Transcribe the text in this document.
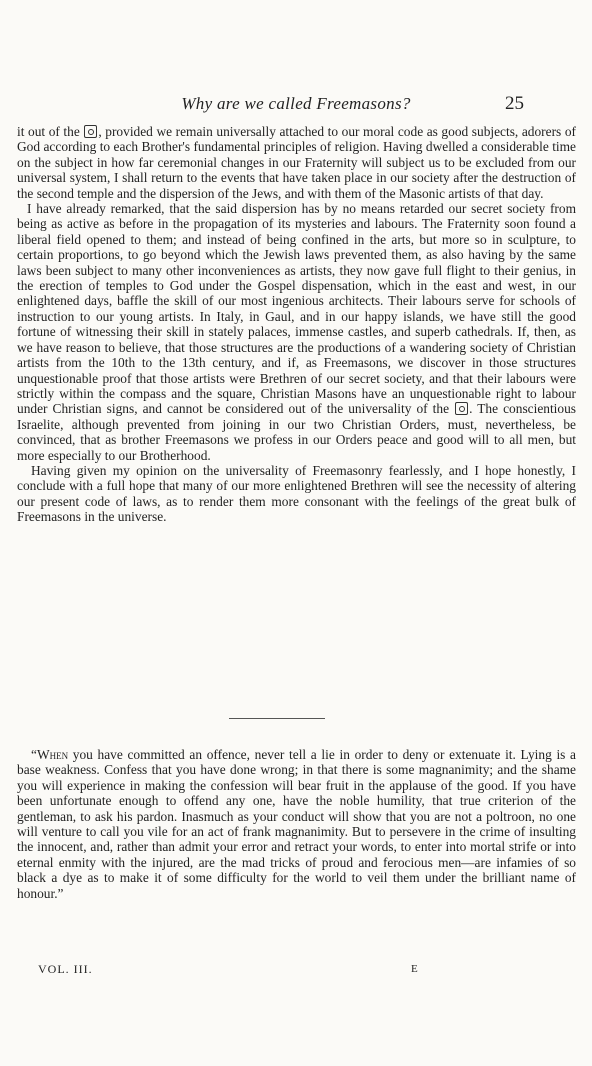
Why are we called Freemasons?	25

it out of the , provided we remain universally attached to our moral code as good subjects, adorers of God according to each Brother's fundamental principles of religion. Having dwelled a considerable time on the subject in how far ceremonial changes in our Fraternity will subject us to be excluded from our universal system, I shall return to the events that have taken place in our society after the destruction of the second temple and the dispersion of the Jews, and with them of the Masonic artists of that day.

I have already remarked, that the said dispersion has by no means retarded our secret society from being as active as before in the propagation of its mysteries and labours. The Fraternity soon found a liberal field opened to them; and instead of being confined in the arts, but more so in sculpture, to certain proportions, to go beyond which the Jewish laws prevented them, as also having by the same laws been subject to many other inconveniences as artists, they now gave full flight to their genius, in the erection of temples to God under the Gospel dispensation, which in the east and west, in our enlightened days, baffle the skill of our most ingenious architects. Their labours serve for schools of instruction to our young artists. In Italy, in Gaul, and in our happy islands, we have still the good fortune of witnessing their skill in stately palaces, immense castles, and superb cathedrals. If, then, as we have reason to believe, that those structures are the productions of a wandering society of Christian artists from the 10th to the 13th century, and if, as Freemasons, we discover in those structures unquestionable proof that those artists were Brethren of our secret society, and that their labours were strictly within the compass and the square, Christian Masons have an unquestionable right to labour under Christian signs, and cannot be considered out of the universality of the . The conscientious Israelite, although prevented from joining in our two Christian Orders, must, nevertheless, be convinced, that as brother Freemasons we profess in our Orders peace and good will to all men, but more especially to our Brotherhood.

Having given my opinion on the universality of Freemasonry fearlessly, and I hope honestly, I conclude with a full hope that many of our more enlightened Brethren will see the necessity of altering our present code of laws, as to render them more consonant with the feelings of the great bulk of Freemasons in the universe.

“When you have committed an offence, never tell a lie in order to deny or extenuate it. Lying is a base weakness. Confess that you have done wrong; in that there is some magnanimity; and the shame you will experience in making the confession will bear fruit in the applause of the good. If you have been unfortunate enough to offend any one, have the noble humility, that true criterion of the gentleman, to ask his pardon. Inasmuch as your conduct will show that you are not a poltroon, no one will venture to call you vile for an act of frank magnanimity. But to persevere in the crime of insulting the innocent, and, rather than admit your error and retract your words, to enter into mortal strife or into eternal enmity with the injured, are the mad tricks of proud and ferocious men—are infamies of so black a dye as to make it of some difficulty for the world to veil them under the brilliant name of honour.”

VOL. III.	E
